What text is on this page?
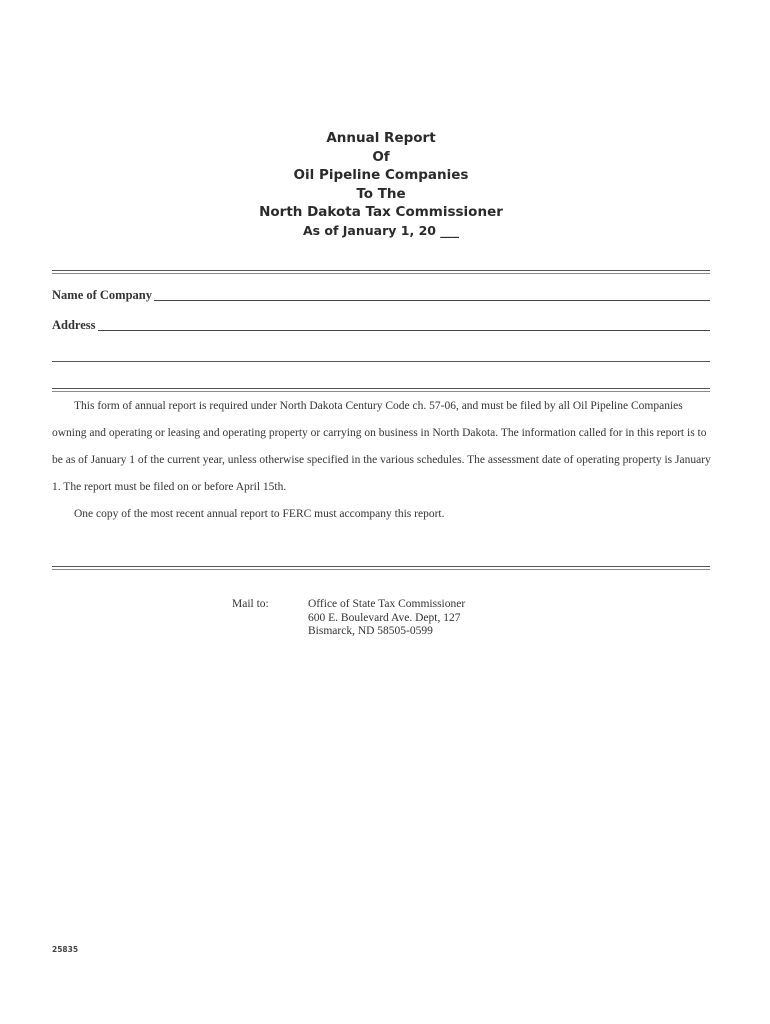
Annual Report
Of
Oil Pipeline Companies
To The
North Dakota Tax Commissioner
As of January 1, 20 ___
Name of Company
Address

This form of annual report is required under North Dakota Century Code ch. 57-06, and must be filed by all Oil Pipeline Companies owning and operating or leasing and operating property or carrying on business in North Dakota. The information called for in this report is to be as of January 1 of the current year, unless otherwise specified in the various schedules. The assessment date of operating property is January 1. The report must be filed on or before April 15th.

One copy of the most recent annual report to FERC must accompany this report.

Mail to:	Office of State Tax Commissioner
600 E. Boulevard Ave. Dept, 127
Bismarck, ND 58505-0599
25835
